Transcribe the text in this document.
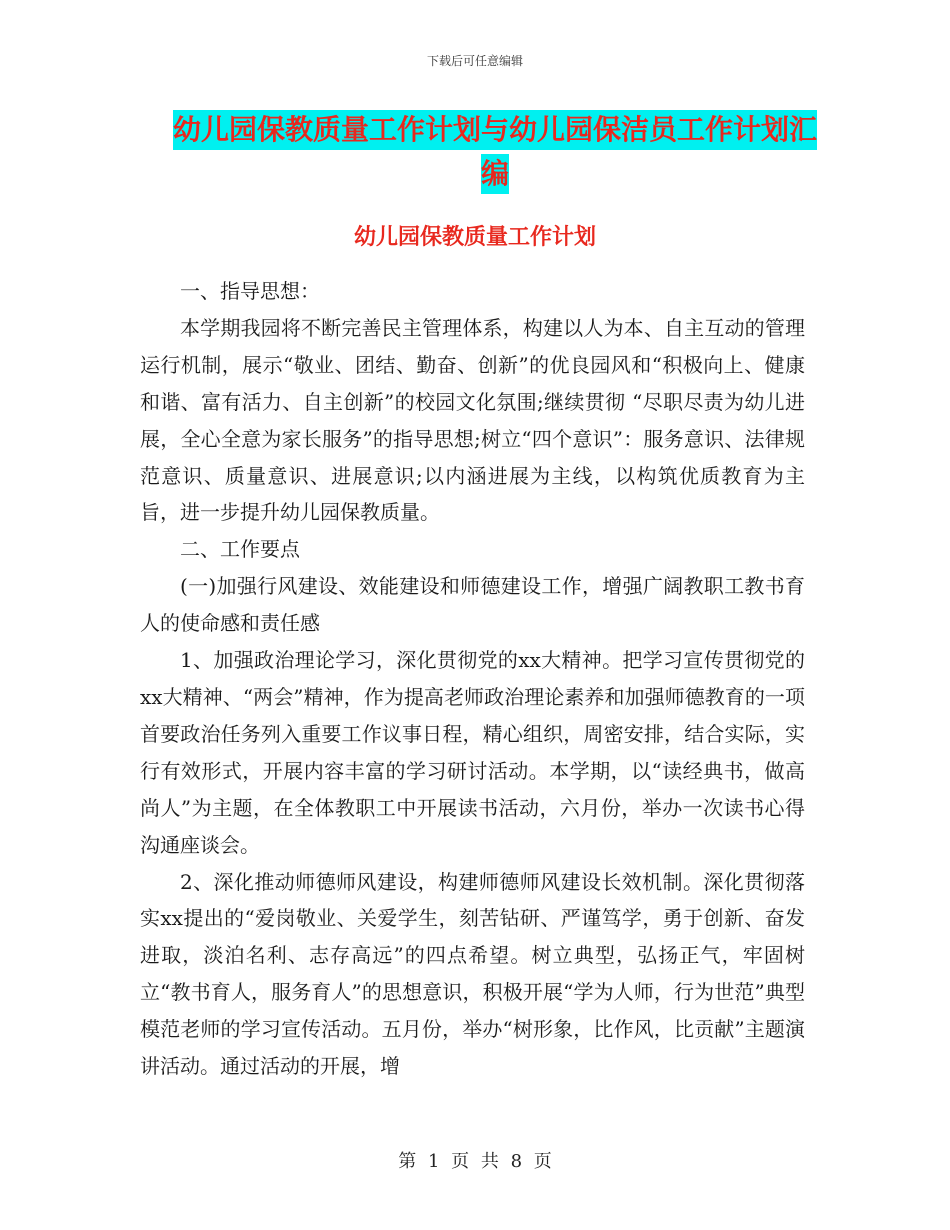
下载后可任意编辑
幼儿园保教质量工作计划与幼儿园保洁员工作计划汇
编
幼儿园保教质量工作计划

一、指导思想：

本学期我园将不断完善民主管理体系，构建以人为本、自主互动的管理运行机制，展示“敬业、团结、勤奋、创新”的优良园风和“积极向上、健康和谐、富有活力、自主创新”的校园文化氛围;继续贯彻 “尽职尽责为幼儿进展，全心全意为家长服务”的指导思想;树立“四个意识”：服务意识、法律规范意识、质量意识、进展意识;以内涵进展为主线，以构筑优质教育为主旨，进一步提升幼儿园保教质量。

二、工作要点

(一)加强行风建设、效能建设和师德建设工作，增强广阔教职工教书育人的使命感和责任感

1、加强政治理论学习，深化贯彻党的xx大精神。把学习宣传贯彻党的xx大精神、“两会”精神，作为提高老师政治理论素养和加强师德教育的一项首要政治任务列入重要工作议事日程，精心组织，周密安排，结合实际，实行有效形式，开展内容丰富的学习研讨活动。本学期，以“读经典书，做高尚人”为主题，在全体教职工中开展读书活动，六月份，举办一次读书心得沟通座谈会。

2、深化推动师德师风建设，构建师德师风建设长效机制。深化贯彻落实xx提出的“爱岗敬业、关爱学生，刻苦钻研、严谨笃学，勇于创新、奋发进取，淡泊名利、志存高远”的四点希望。树立典型，弘扬正气，牢固树立“教书育人，服务育人”的思想意识，积极开展“学为人师，行为世范”典型模范老师的学习宣传活动。五月份，举办“树形象，比作风，比贡献”主题演讲活动。通过活动的开展，增

第 1 页 共 8 页
